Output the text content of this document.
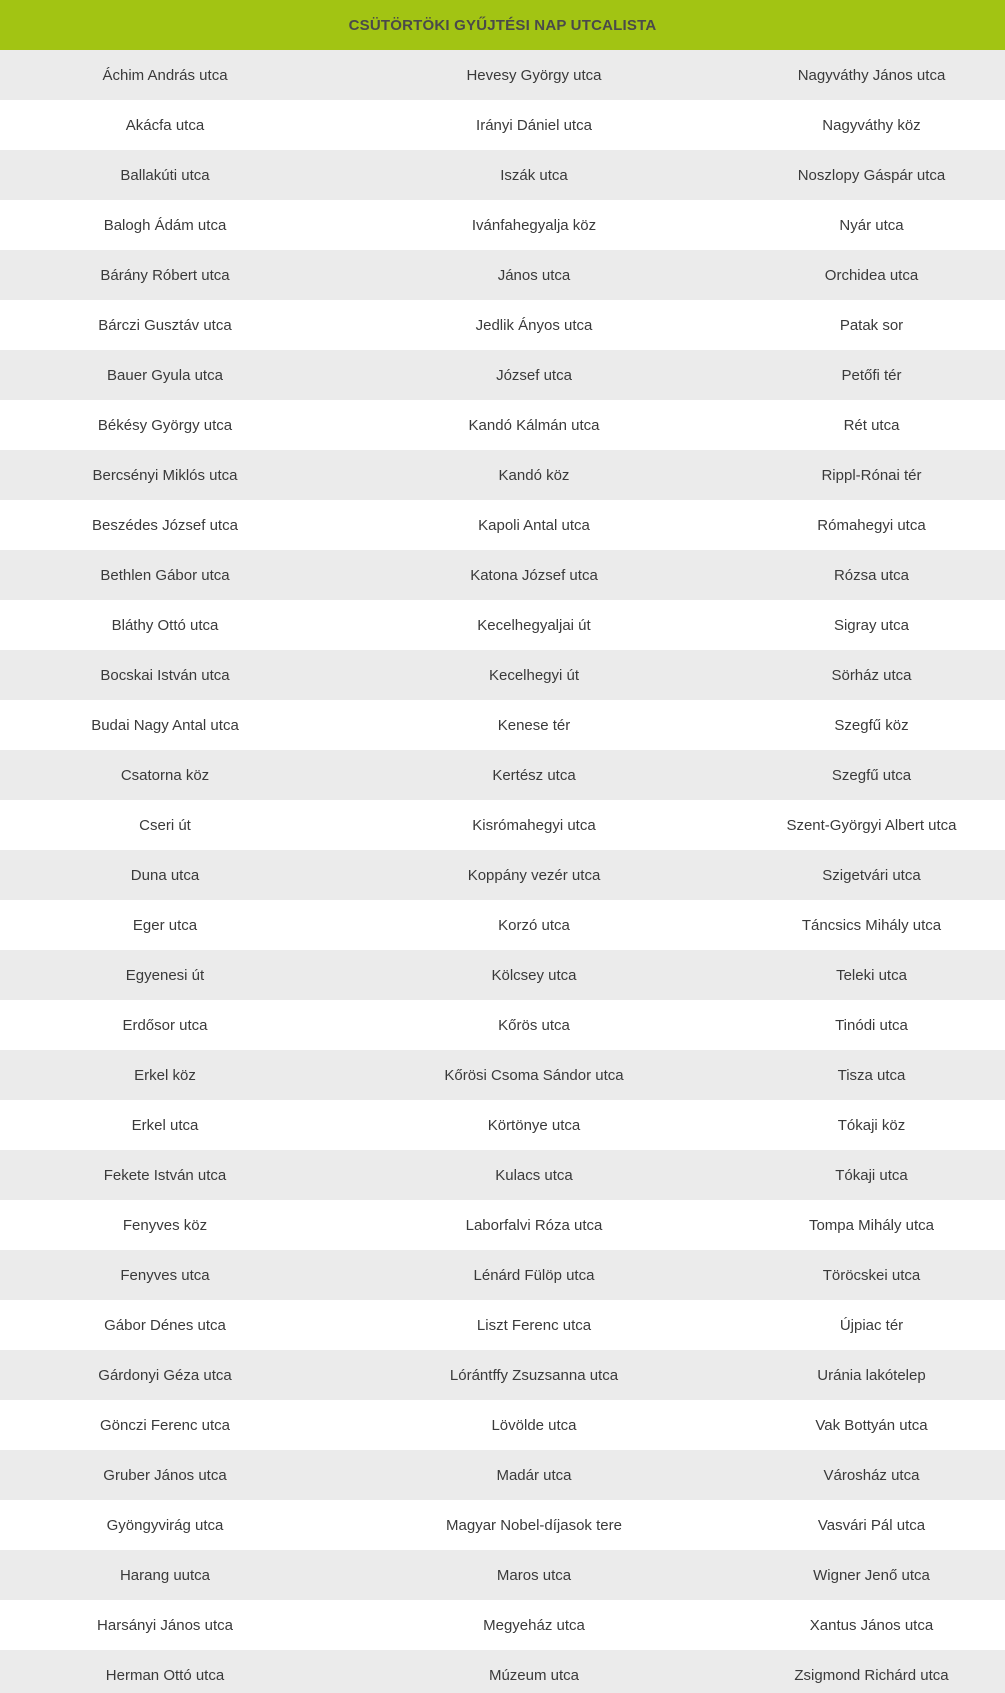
CSÜTÖRTÖKI GYŰJTÉSI NAP UTCALISTA
Áchim András utca	Hevesy György utca	Nagyváthy János utca
Akácfa utca	Irányi Dániel utca	Nagyváthy köz
Ballakúti utca	Iszák utca	Noszlopy Gáspár utca
Balogh Ádám utca	Ivánfahegyalja köz	Nyár utca
Bárány Róbert utca	János utca	Orchidea utca
Bárczi Gusztáv utca	Jedlik Ányos utca	Patak sor
Bauer Gyula utca	József utca	Petőfi tér
Békésy György utca	Kandó Kálmán utca	Rét utca
Bercsényi Miklós utca	Kandó köz	Rippl-Rónai tér
Beszédes József utca	Kapoli Antal utca	Rómahegyi utca
Bethlen Gábor utca	Katona József utca	Rózsa utca
Bláthy Ottó utca	Kecelhegyaljai út	Sigray utca
Bocskai István utca	Kecelhegyi út	Sörház utca
Budai Nagy Antal utca	Kenese tér	Szegfű köz
Csatorna köz	Kertész utca	Szegfű utca
Cseri út	Kisrómahegyi utca	Szent-Györgyi Albert utca
Duna utca	Koppány vezér utca	Szigetvári utca
Eger utca	Korzó utca	Táncsics Mihály utca
Egyenesi út	Kölcsey utca	Teleki utca
Erdősor utca	Kőrös utca	Tinódi utca
Erkel köz	Kőrösi Csoma Sándor utca	Tisza utca
Erkel utca	Körtönye utca	Tókaji köz
Fekete István utca	Kulacs utca	Tókaji utca
Fenyves köz	Laborfalvi Róza utca	Tompa Mihály utca
Fenyves utca	Lénárd Fülöp utca	Töröcskei utca
Gábor Dénes utca	Liszt Ferenc utca	Újpiac tér
Gárdonyi Géza utca	Lórántffy Zsuzsanna utca	Uránia lakótelep
Gönczi Ferenc utca	Lövölde utca	Vak Bottyán utca
Gruber János utca	Madár utca	Városház utca
Gyöngyvirág utca	Magyar Nobel-díjasok tere	Vasvári Pál utca
Harang uutca	Maros utca	Wigner Jenő utca
Harsányi János utca	Megyeház utca	Xantus János utca
Herman Ottó utca	Múzeum utca	Zsigmond Richárd utca
